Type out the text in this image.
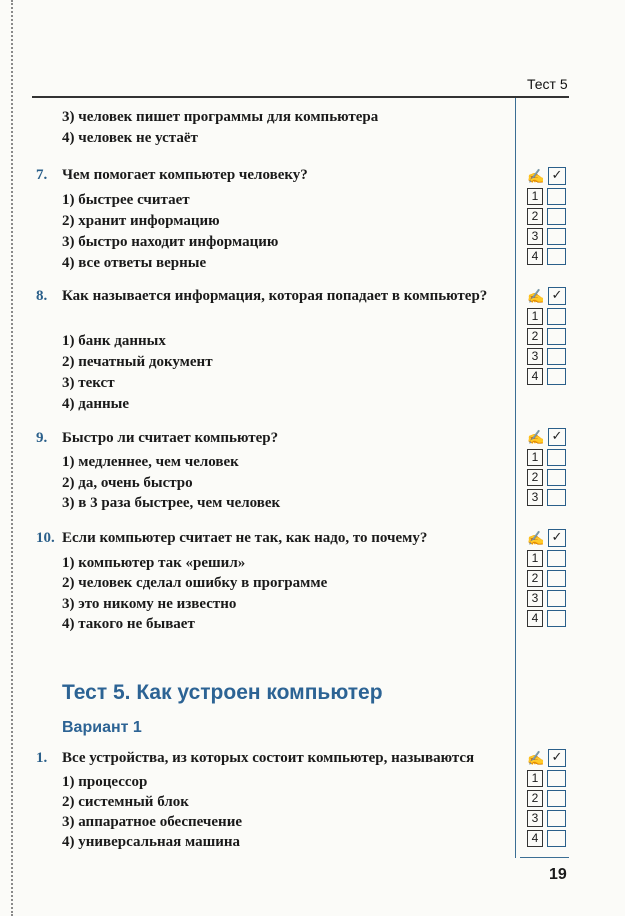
Тест 5
3) человек пишет программы для компьютера
4) человек не устаёт
7. Чем помогает компьютер человеку?
1) быстрее считает
2) хранит информацию
3) быстро находит информацию
4) все ответы верные
✍ ✓
1
2
3
4
8. Как называется информация, которая попадает в компьютер?
1) банк данных
2) печатный документ
3) текст
4) данные
✍ ✓
1
2
3
4
9. Быстро ли считает компьютер?
1) медленнее, чем человек
2) да, очень быстро
3) в 3 раза быстрее, чем человек
✍ ✓
1
2
3
10. Если компьютер считает не так, как надо, то почему?
1) компьютер так «решил»
2) человек сделал ошибку в программе
3) это никому не известно
4) такого не бывает
✍ ✓
1
2
3
4
Тест 5. Как устроен компьютер
Вариант 1
1. Все устройства, из которых состоит компьютер, называются
1) процессор
2) системный блок
3) аппаратное обеспечение
4) универсальная машина
✍ ✓
1
2
3
4
19
